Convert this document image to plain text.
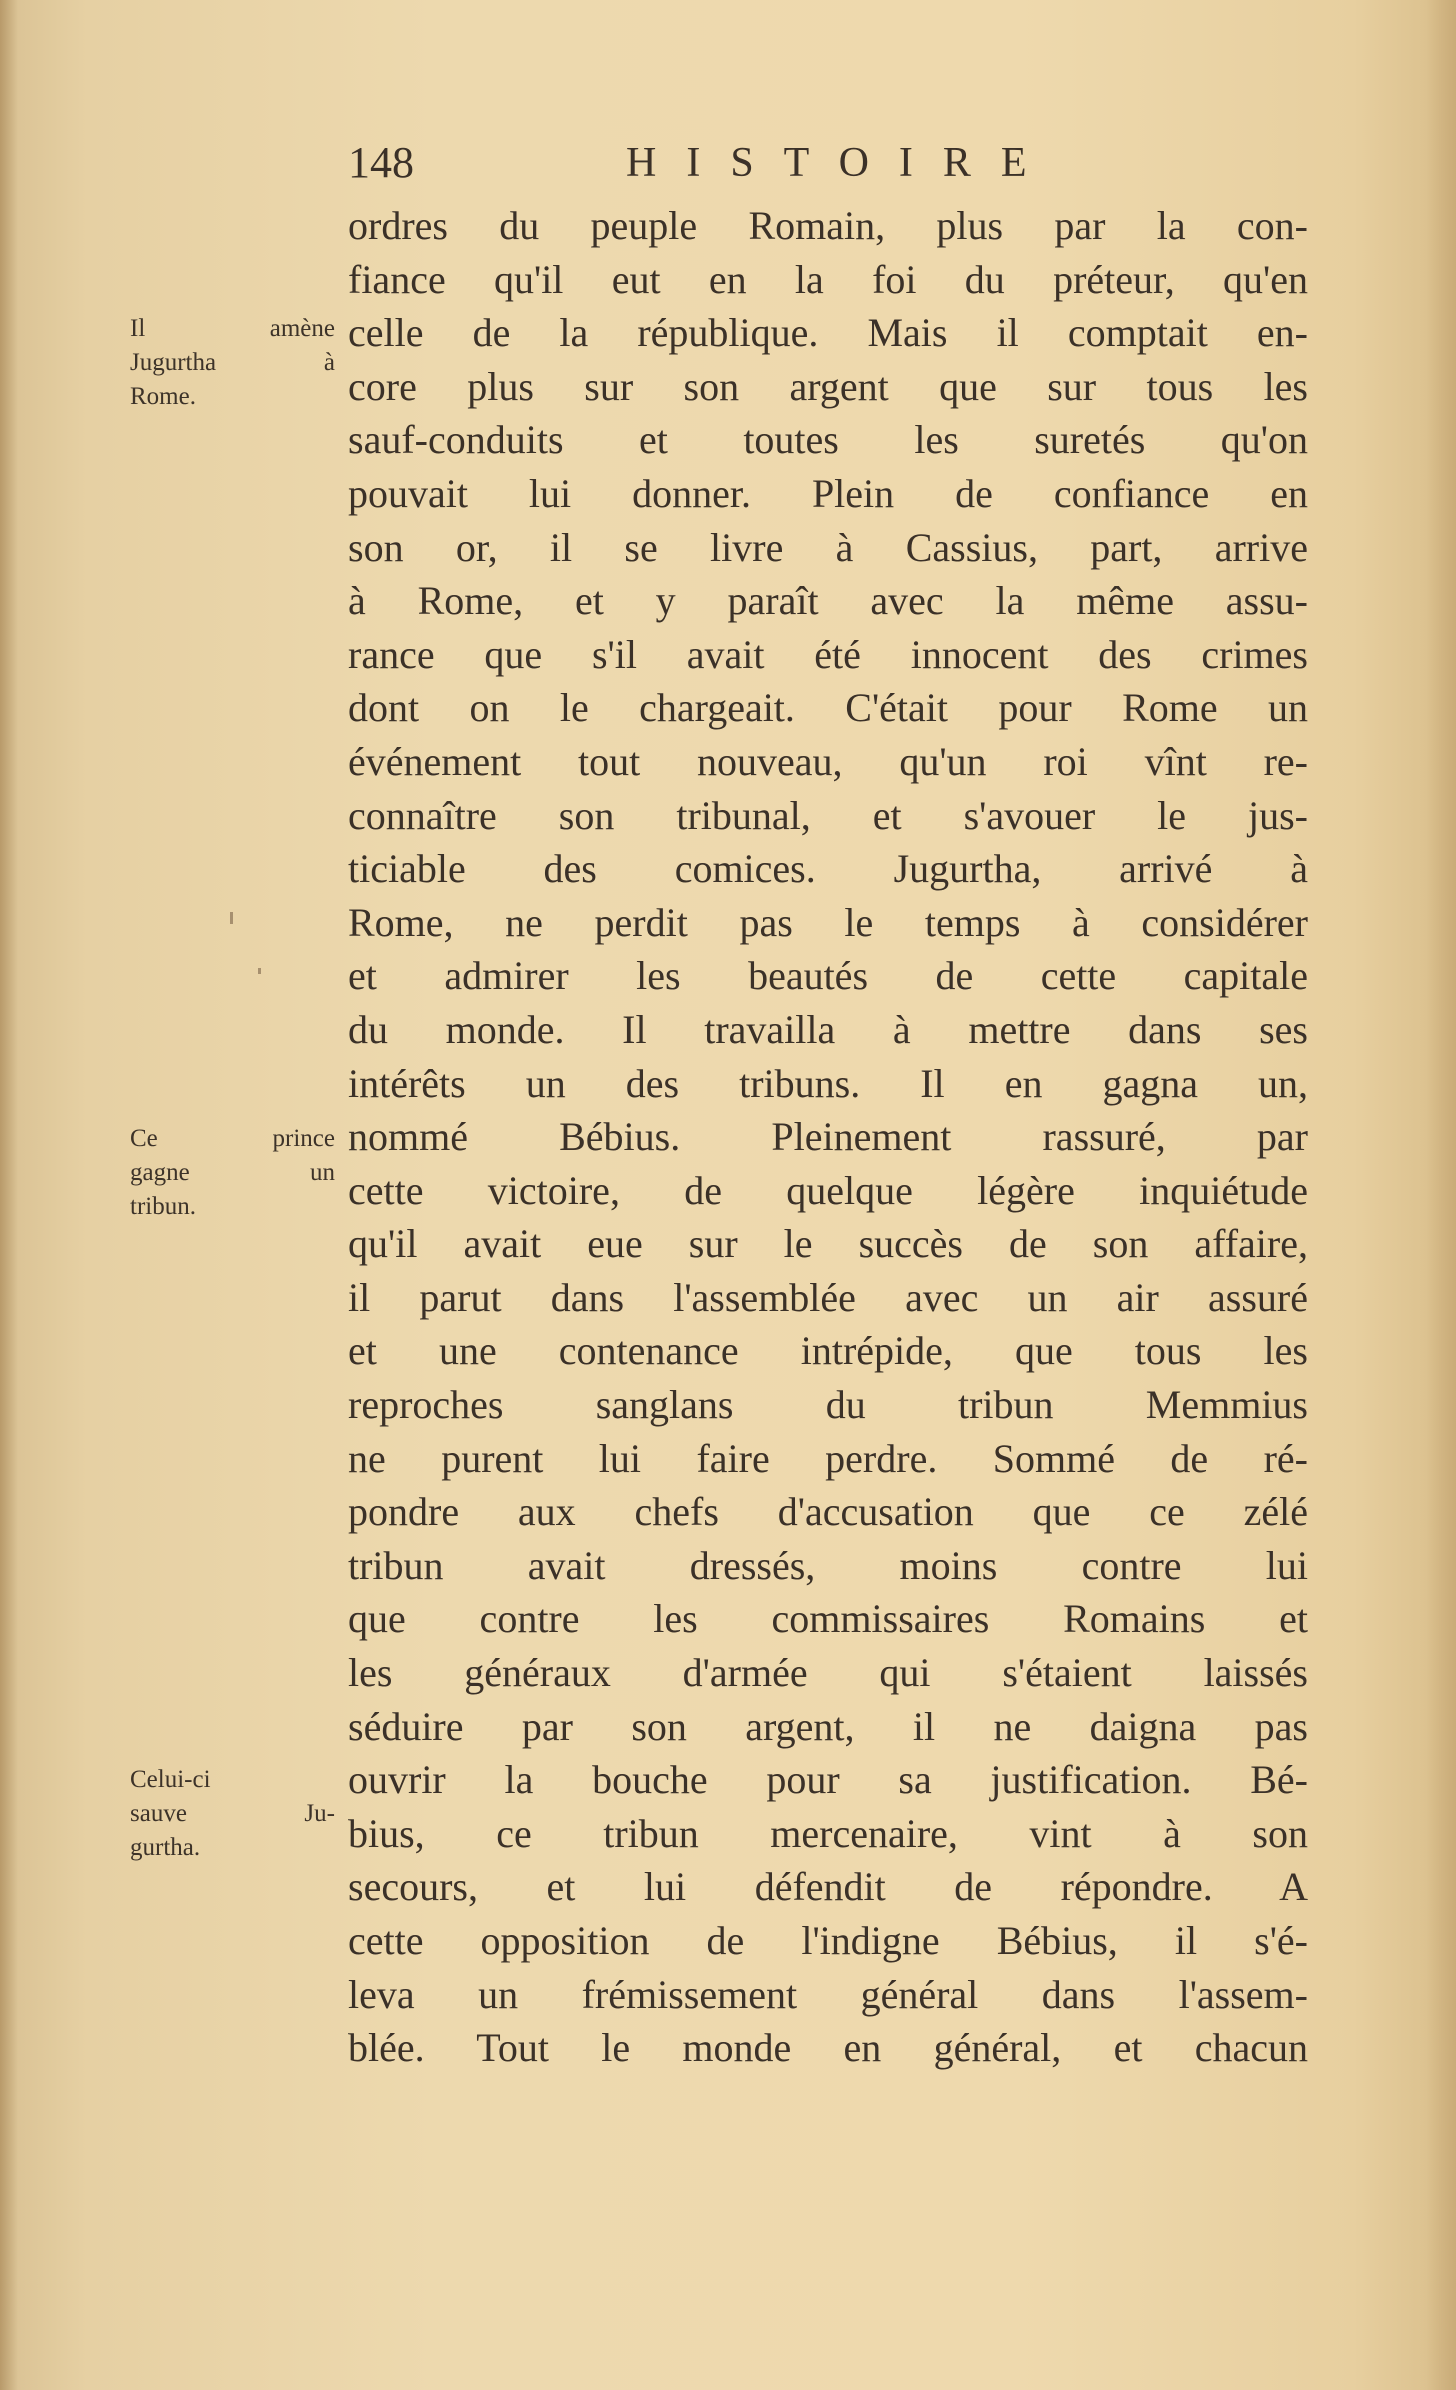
148	HISTOIRE
ordres du peuple Romain, plus par la con-
fiance qu'il eut en la foi du préteur, qu'en
celle de la république. Mais il comptait en-
core plus sur son argent que sur tous les
sauf-conduits et toutes les suretés qu'on
pouvait lui donner. Plein de confiance en
son or, il se livre à Cassius, part, arrive
à Rome, et y paraît avec la même assu-
rance que s'il avait été innocent des crimes
dont on le chargeait. C'était pour Rome un
événement tout nouveau, qu'un roi vînt re-
connaître son tribunal, et s'avouer le jus-
ticiable des comices. Jugurtha, arrivé à
Rome, ne perdit pas le temps à considérer
et admirer les beautés de cette capitale
du monde. Il travailla à mettre dans ses
intérêts un des tribuns. Il en gagna un,
nommé Bébius. Pleinement rassuré, par
cette victoire, de quelque légère inquiétude
qu'il avait eue sur le succès de son affaire,
il parut dans l'assemblée avec un air assuré
et une contenance intrépide, que tous les
reproches sanglans du tribun Memmius
ne purent lui faire perdre. Sommé de ré-
pondre aux chefs d'accusation que ce zélé
tribun avait dressés, moins contre lui
que contre les commissaires Romains et
les généraux d'armée qui s'étaient laissés
séduire par son argent, il ne daigna pas
ouvrir la bouche pour sa justification. Bé-
bius, ce tribun mercenaire, vint à son
secours, et lui défendit de répondre. A
cette opposition de l'indigne Bébius, il s'é-
leva un frémissement général dans l'assem-
blée. Tout le monde en général, et chacun
Il amène
Jugurtha à
Rome.
Ce prince
gagne un
tribun.
Celui-ci
sauve Ju-
gurtha.
